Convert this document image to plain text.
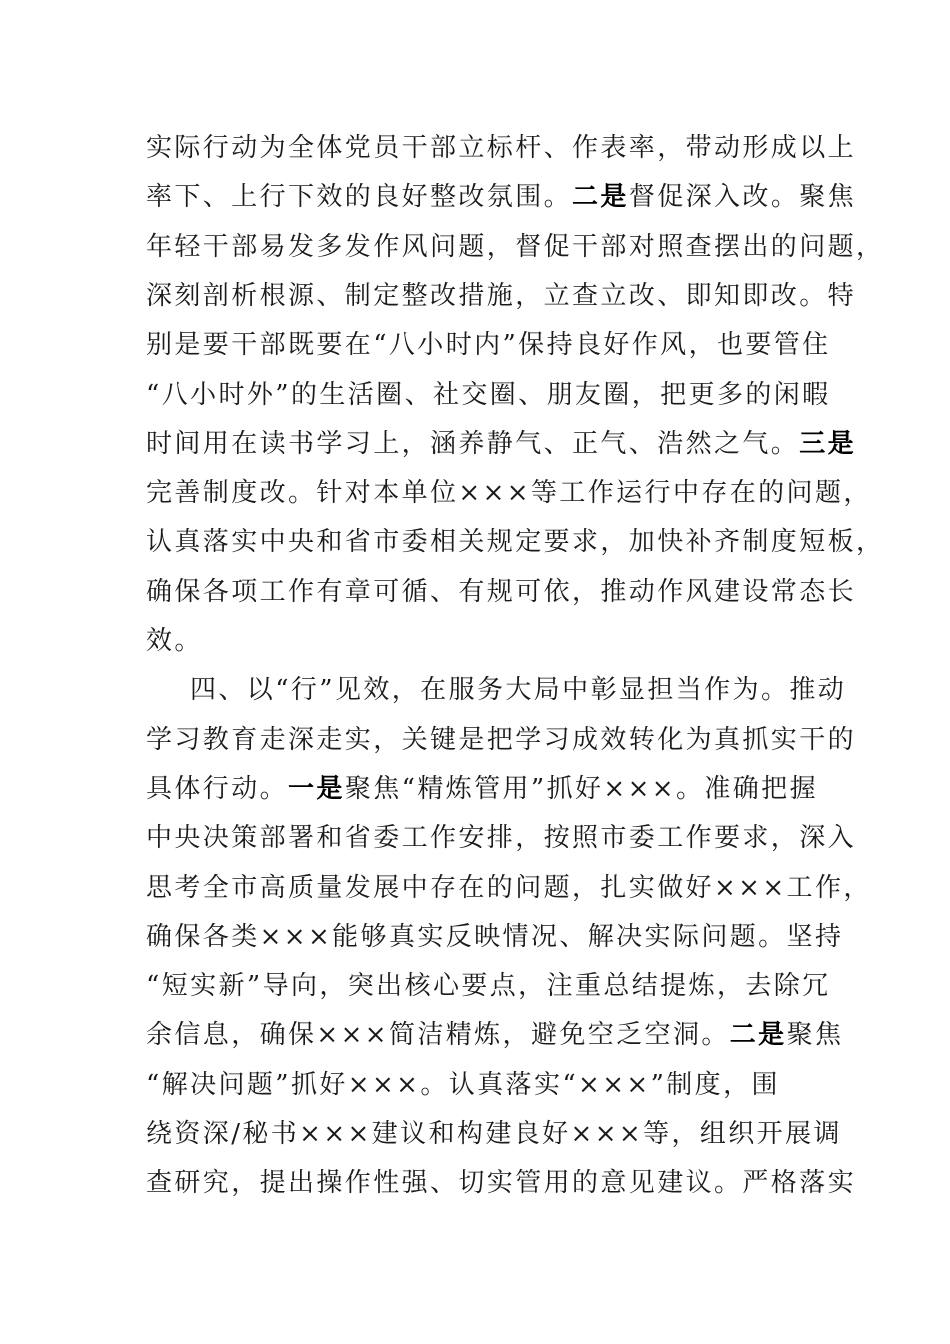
实际行动为全体党员干部立标杆、作表率，带动形成以上
率下、上行下效的良好整改氛围。二是督促深入改。聚焦
年轻干部易发多发作风问题，督促干部对照查摆出的问题，
深刻剖析根源、制定整改措施，立查立改、即知即改。特
别是要干部既要在“八小时内”保持良好作风，也要管住
“八小时外”的生活圈、社交圈、朋友圈，把更多的闲暇
时间用在读书学习上，涵养静气、正气、浩然之气。三是
完善制度改。针对本单位×××等工作运行中存在的问题，
认真落实中央和省市委相关规定要求，加快补齐制度短板，
确保各项工作有章可循、有规可依，推动作风建设常态长
效。
四、以“行”见效，在服务大局中彰显担当作为。推动
学习教育走深走实，关键是把学习成效转化为真抓实干的
具体行动。一是聚焦“精炼管用”抓好×××。准确把握
中央决策部署和省委工作安排，按照市委工作要求，深入
思考全市高质量发展中存在的问题，扎实做好×××工作，
确保各类×××能够真实反映情况、解决实际问题。坚持
“短实新”导向，突出核心要点，注重总结提炼，去除冗
余信息，确保×××简洁精炼，避免空乏空洞。二是聚焦
“解决问题”抓好×××。认真落实“×××”制度，围
绕资深/秘书×××建议和构建良好×××等，组织开展调
查研究，提出操作性强、切实管用的意见建议。严格落实
